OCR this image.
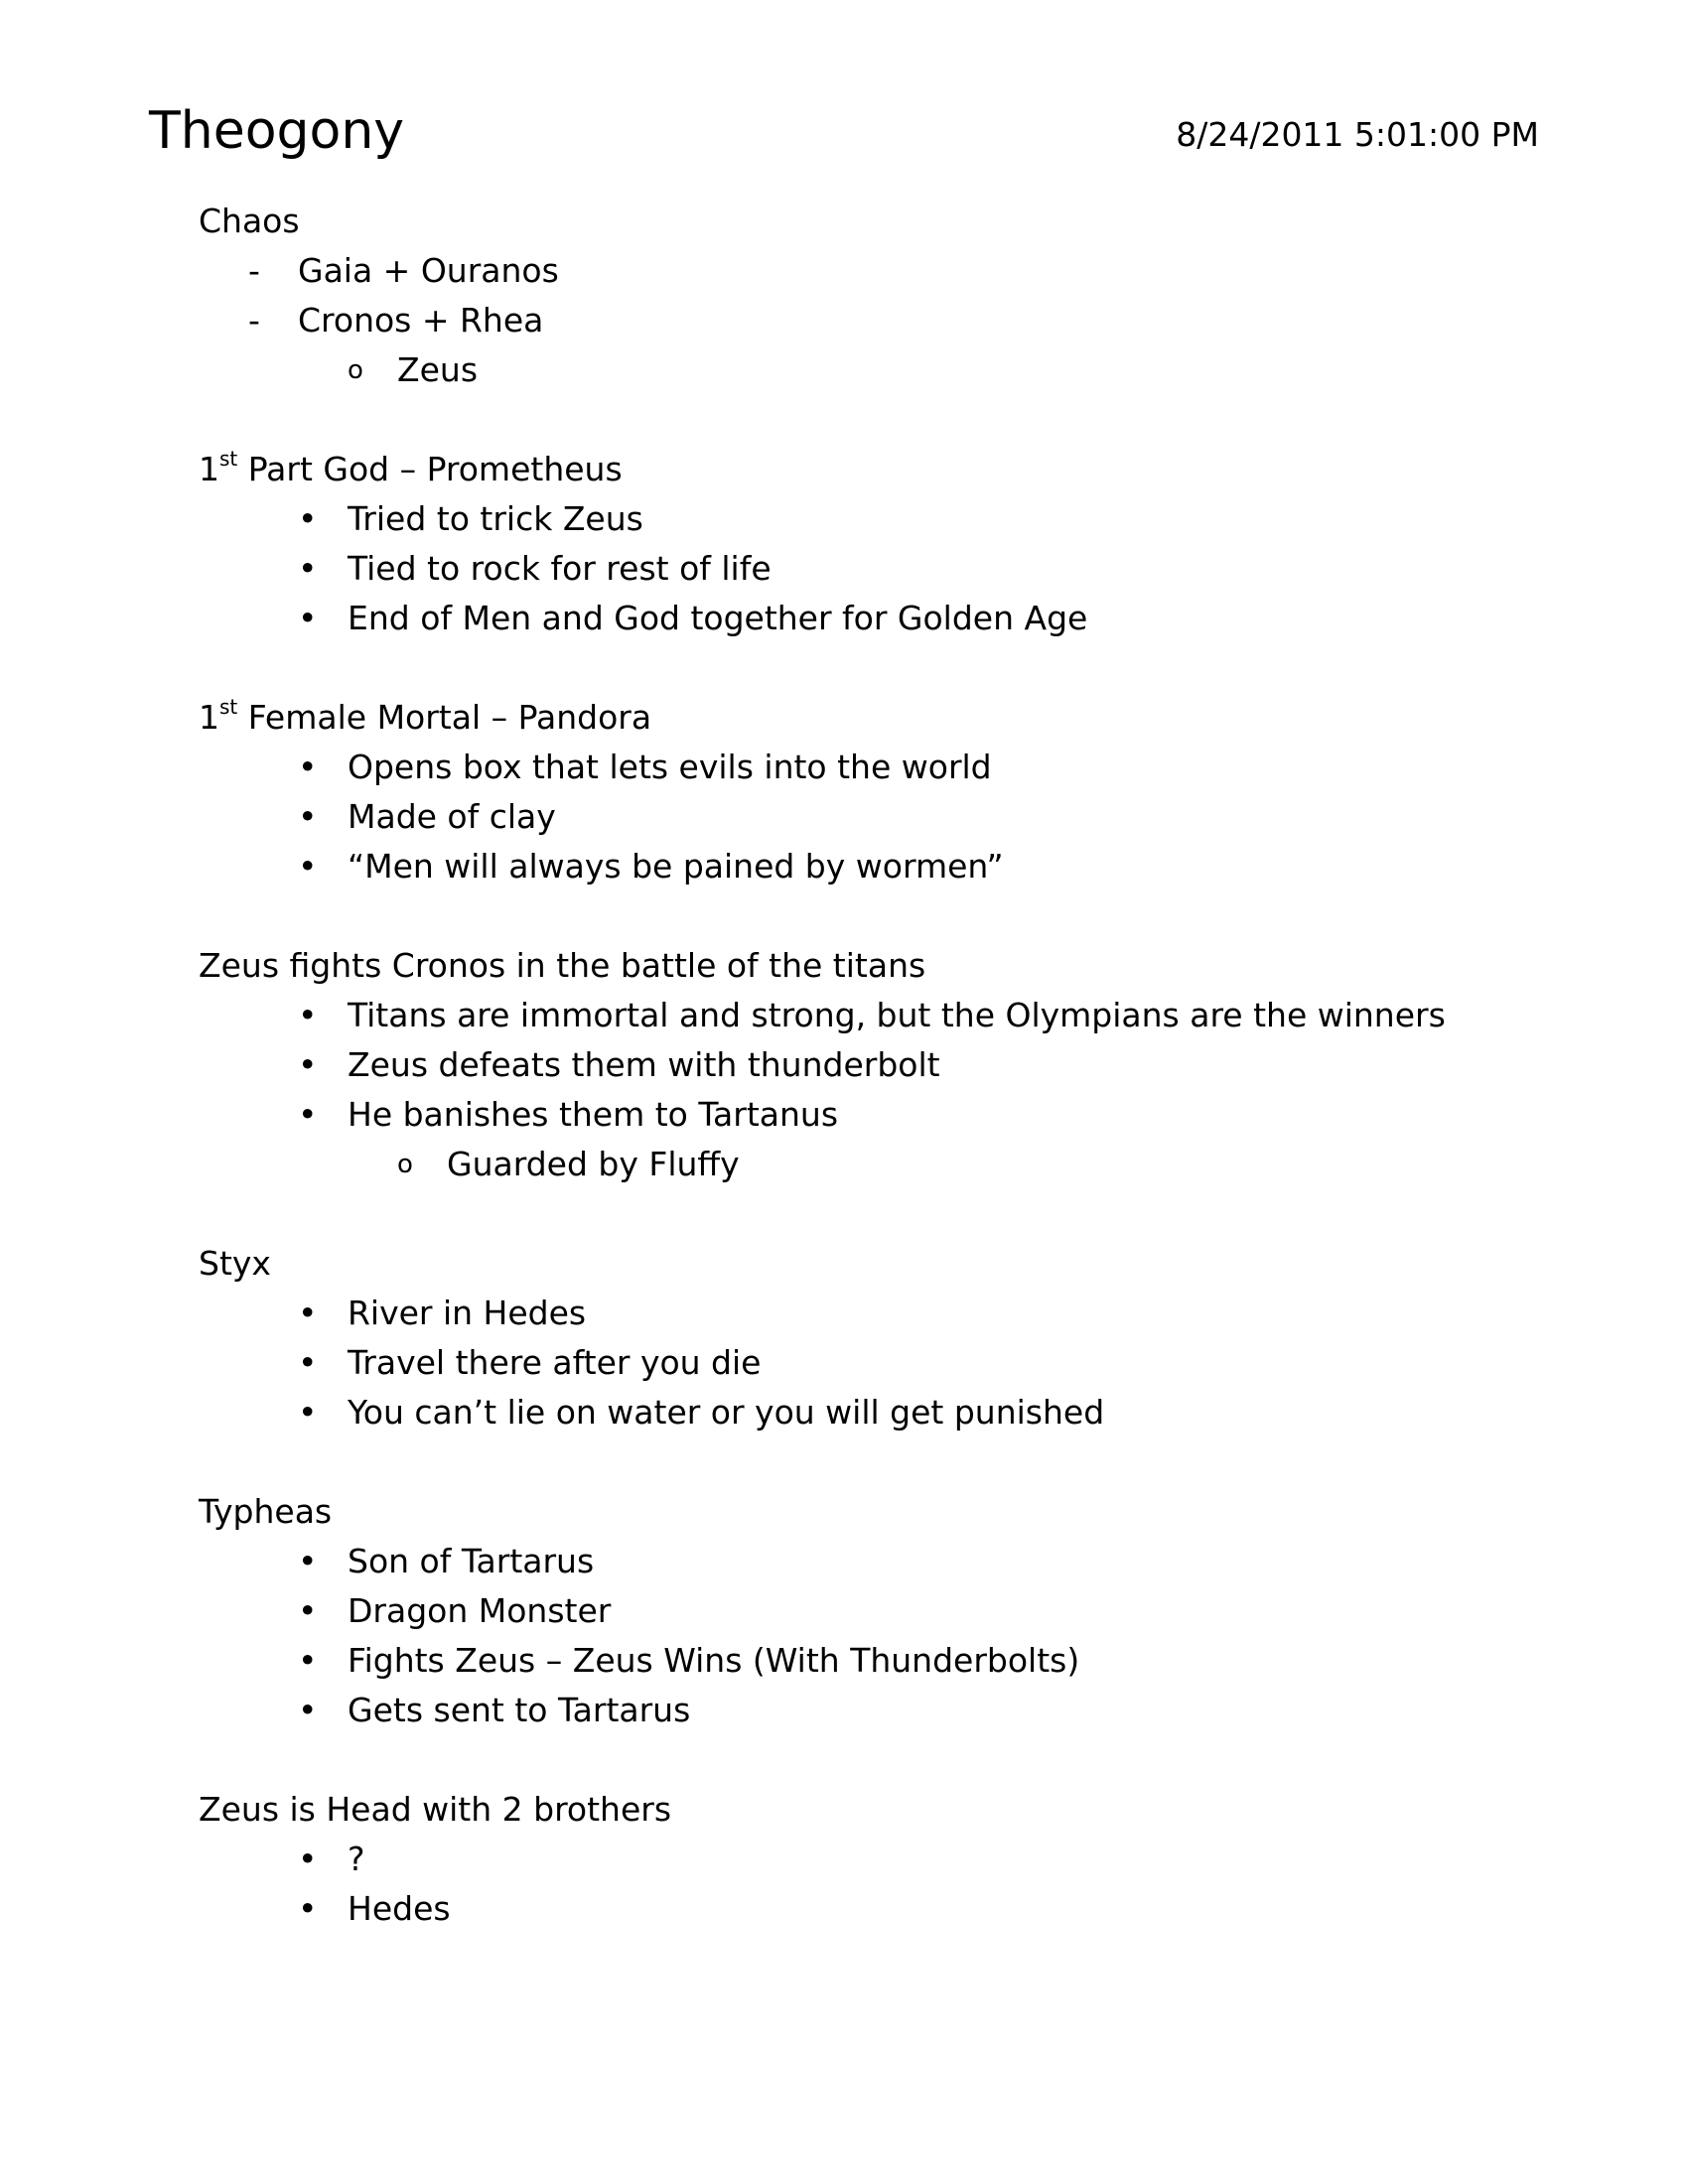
Theogony	8/24/2011 5:01:00 PM
Chaos
- Gaia + Ouranos
- Cronos + Rhea
o Zeus
1st Part God – Prometheus
• Tried to trick Zeus
• Tied to rock for rest of life
• End of Men and God together for Golden Age
1st Female Mortal – Pandora
• Opens box that lets evils into the world
• Made of clay
• “Men will always be pained by wormen”
Zeus fights Cronos in the battle of the titans
• Titans are immortal and strong, but the Olympians are the winners
• Zeus defeats them with thunderbolt
• He banishes them to Tartanus
o Guarded by Fluffy
Styx
• River in Hedes
• Travel there after you die
• You can’t lie on water or you will get punished
Typheas
• Son of Tartarus
• Dragon Monster
• Fights Zeus – Zeus Wins (With Thunderbolts)
• Gets sent to Tartarus
Zeus is Head with 2 brothers
• ?
• Hedes
